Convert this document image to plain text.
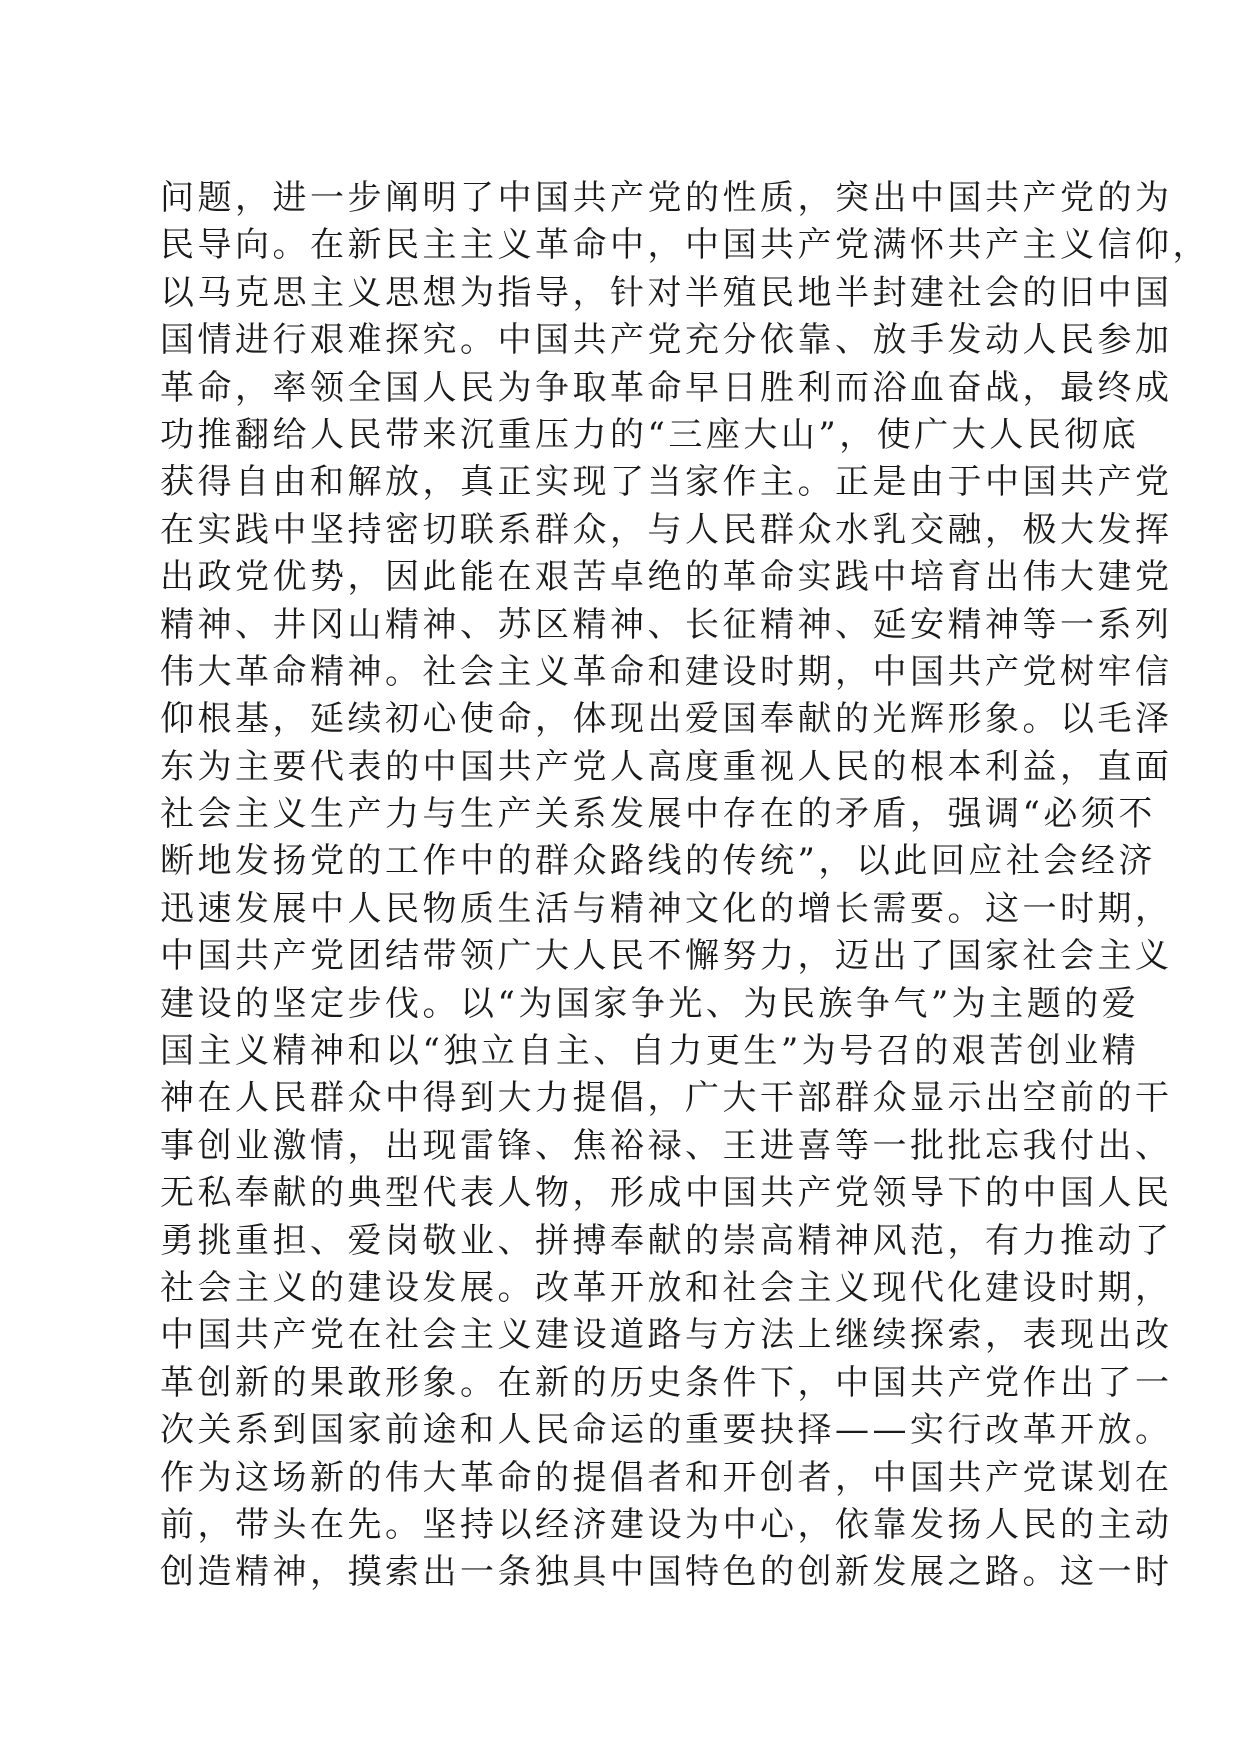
问题，进一步阐明了中国共产党的性质，突出中国共产党的为
民导向。在新民主主义革命中，中国共产党满怀共产主义信仰，
以马克思主义思想为指导，针对半殖民地半封建社会的旧中国
国情进行艰难探究。中国共产党充分依靠、放手发动人民参加
革命，率领全国人民为争取革命早日胜利而浴血奋战，最终成
功推翻给人民带来沉重压力的“三座大山”，使广大人民彻底
获得自由和解放，真正实现了当家作主。正是由于中国共产党
在实践中坚持密切联系群众，与人民群众水乳交融，极大发挥
出政党优势，因此能在艰苦卓绝的革命实践中培育出伟大建党
精神、井冈山精神、苏区精神、长征精神、延安精神等一系列
伟大革命精神。社会主义革命和建设时期，中国共产党树牢信
仰根基，延续初心使命，体现出爱国奉献的光辉形象。以毛泽
东为主要代表的中国共产党人高度重视人民的根本利益，直面
社会主义生产力与生产关系发展中存在的矛盾，强调“必须不
断地发扬党的工作中的群众路线的传统”，以此回应社会经济
迅速发展中人民物质生活与精神文化的增长需要。这一时期，
中国共产党团结带领广大人民不懈努力，迈出了国家社会主义
建设的坚定步伐。以“为国家争光、为民族争气”为主题的爱
国主义精神和以“独立自主、自力更生”为号召的艰苦创业精
神在人民群众中得到大力提倡，广大干部群众显示出空前的干
事创业激情，出现雷锋、焦裕禄、王进喜等一批批忘我付出、
无私奉献的典型代表人物，形成中国共产党领导下的中国人民
勇挑重担、爱岗敬业、拼搏奉献的崇高精神风范，有力推动了
社会主义的建设发展。改革开放和社会主义现代化建设时期，
中国共产党在社会主义建设道路与方法上继续探索，表现出改
革创新的果敢形象。在新的历史条件下，中国共产党作出了一
次关系到国家前途和人民命运的重要抉择——实行改革开放。
作为这场新的伟大革命的提倡者和开创者，中国共产党谋划在
前，带头在先。坚持以经济建设为中心，依靠发扬人民的主动
创造精神，摸索出一条独具中国特色的创新发展之路。这一时
